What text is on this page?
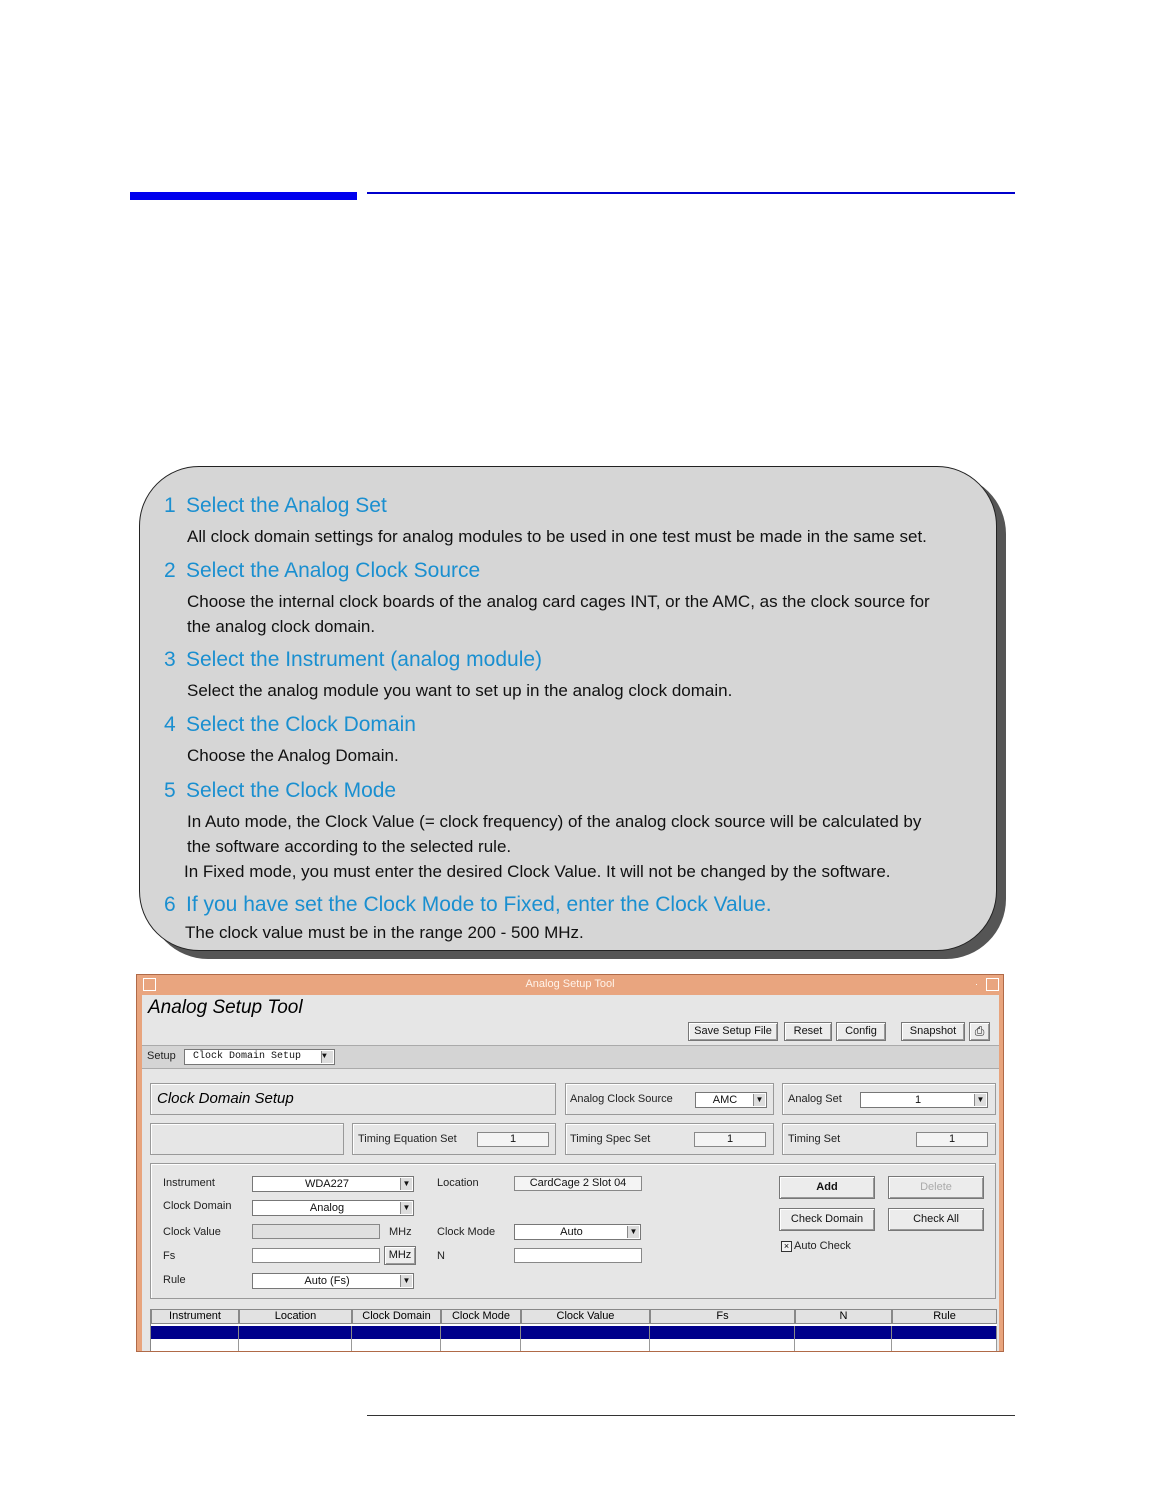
1 Select the Analog Set
All clock domain settings for analog modules to be used in one test must be made in the same set.
2 Select the Analog Clock Source
Choose the internal clock boards of the analog card cages INT, or the AMC, as the clock source for
the analog clock domain.
3 Select the Instrument (analog module)
Select the analog module you want to set up in the analog clock domain.
4 Select the Clock Domain
Choose the Analog Domain.
5 Select the Clock Mode
In Auto mode, the Clock Value (= clock frequency) of the analog clock source will be calculated by
the software according to the selected rule.
In Fixed mode, you must enter the desired Clock Value. It will not be changed by the software.
6 If you have set the Clock Mode to Fixed, enter the Clock Value.
The clock value must be in the range 200 - 500 MHz.
Analog Setup Tool	·
Analog Setup Tool
Save Setup File	Reset	Config	Snapshot	⎙
Setup	Clock Domain Setup	▼
Clock Domain Setup	Analog Clock Source	AMC	▼ Analog Set	1	▼
Timing Equation Set	1	Timing Spec Set	1	Timing Set	1
Instrument	WDA227	▼
Clock Domain	Analog	▼
Clock Value	MHz
Fs	MHz
Rule	Auto (Fs)	▼
Location	CardCage 2 Slot 04
Clock Mode	Auto	▼
N
Add	Delete
Check Domain	Check All
× Auto Check
Instrument	Location	Clock Domain	Clock Mode	Clock Value	Fs	N	Rule
